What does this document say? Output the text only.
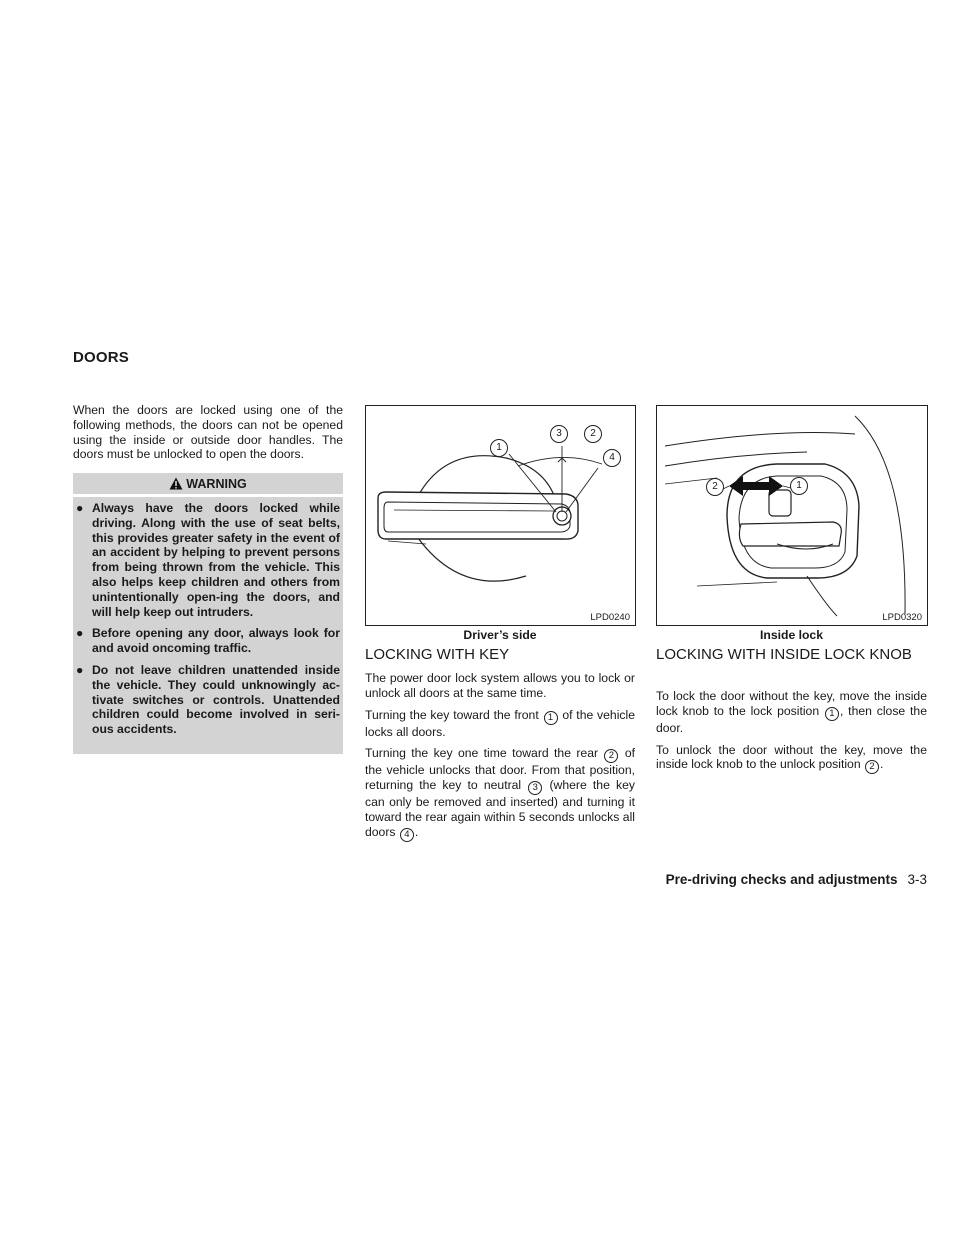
DOORS
When the doors are locked using one of the following methods, the doors can not be opened using the inside or outside door handles. The doors must be unlocked to open the doors.
WARNING
● Always have the doors locked while driving. Along with the use of seat belts, this provides greater safety in the event of an accident by helping to prevent persons from being thrown from the vehicle. This also helps keep children and others from unintentionally open-ing the doors, and will help keep out intruders.
● Before opening any door, always look for and avoid oncoming traffic.
● Do not leave children unattended inside the vehicle. They could unknowingly ac-tivate switches or controls. Unattended children could become involved in seri-ous accidents.
1
3	2
4
LPD0240
Driver’s side
2	1
LPD0320
Inside lock
LOCKING WITH KEY

The power door lock system allows you to lock or unlock all doors at the same time.

Turning the key toward the front 1 of the vehicle locks all doors.

Turning the key one time toward the rear 2 of the vehicle unlocks that door. From that position, returning the key to neutral 3 (where the key can only be removed and inserted) and turning it toward the rear again within 5 seconds unlocks all doors 4 .

LOCKING WITH INSIDE LOCK KNOB

To lock the door without the key, move the inside lock knob to the lock position 1 , then close the door.

To unlock the door without the key, move the inside lock knob to the unlock position 2 .

Pre-driving checks and adjustments 3-3
